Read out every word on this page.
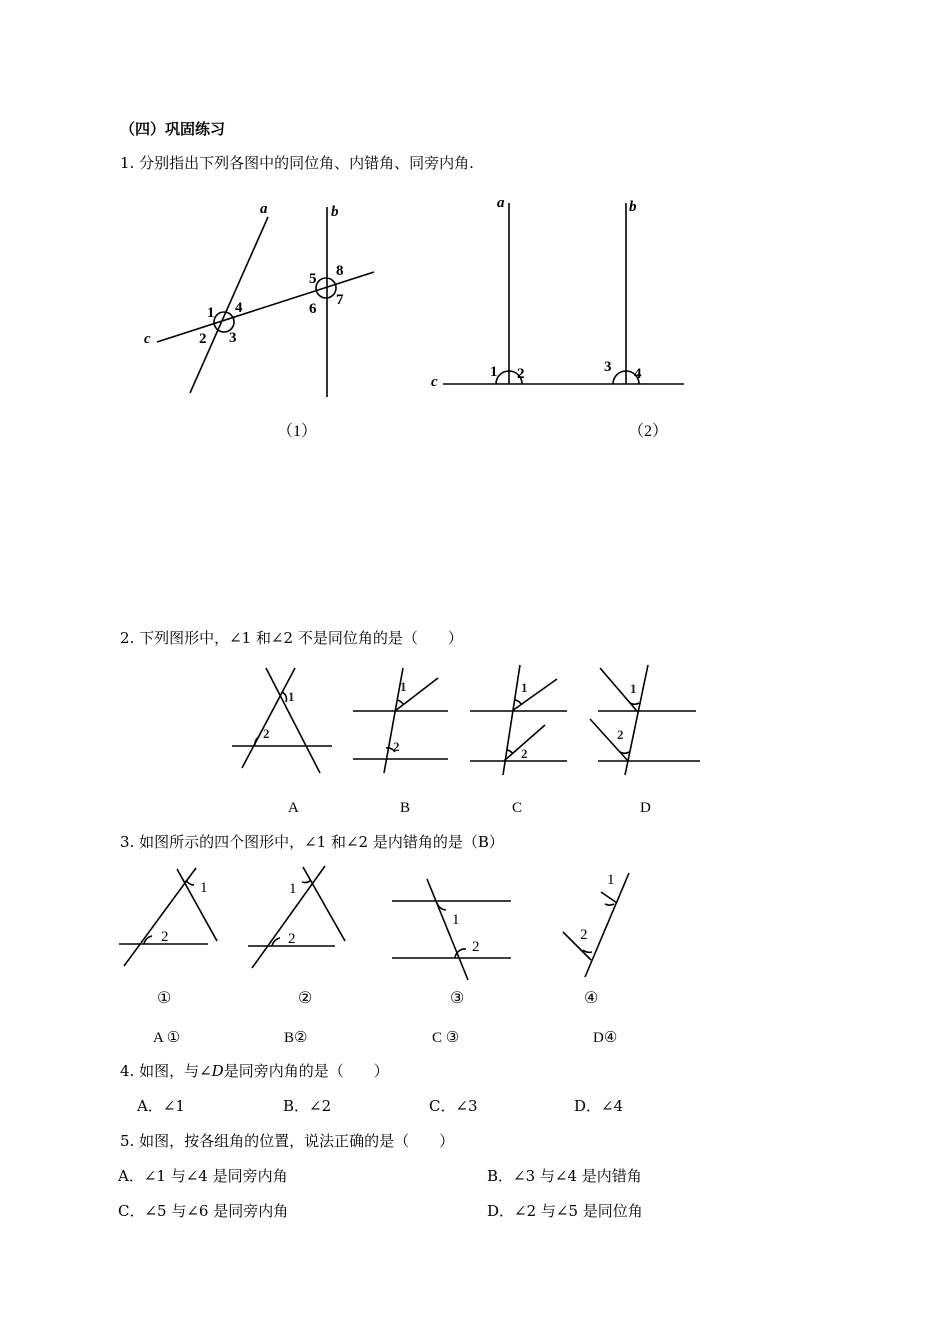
（四）巩固练习
1. 分别指出下列各图中的同位角、内错角、同旁内角.
2. 下列图形中，∠1 和∠2 不是同位角的是（　　）
3. 如图所示的四个图形中，∠1 和∠2 是内错角的是（B）
4. 如图，与∠D是同旁内角的是（　　）
A．∠1	B．∠2	C．∠3	D．∠4
5. 如图，按各组角的位置，说法正确的是（　　）
A．∠1 与∠4 是同旁内角	B．∠3 与∠4 是内错角
C．∠5 与∠6 是同旁内角	D．∠2 与∠5 是同位角
a	b
c
1
2 3
4
5
6
7
8
（1）
a	b
c
1 2	3 4
（2）
1
2
1
2
1
2
1
2
A	B	C	D
1
2
1
2
1
2
1
2
①	②	③	④
A ①	B②	C ③	D④
